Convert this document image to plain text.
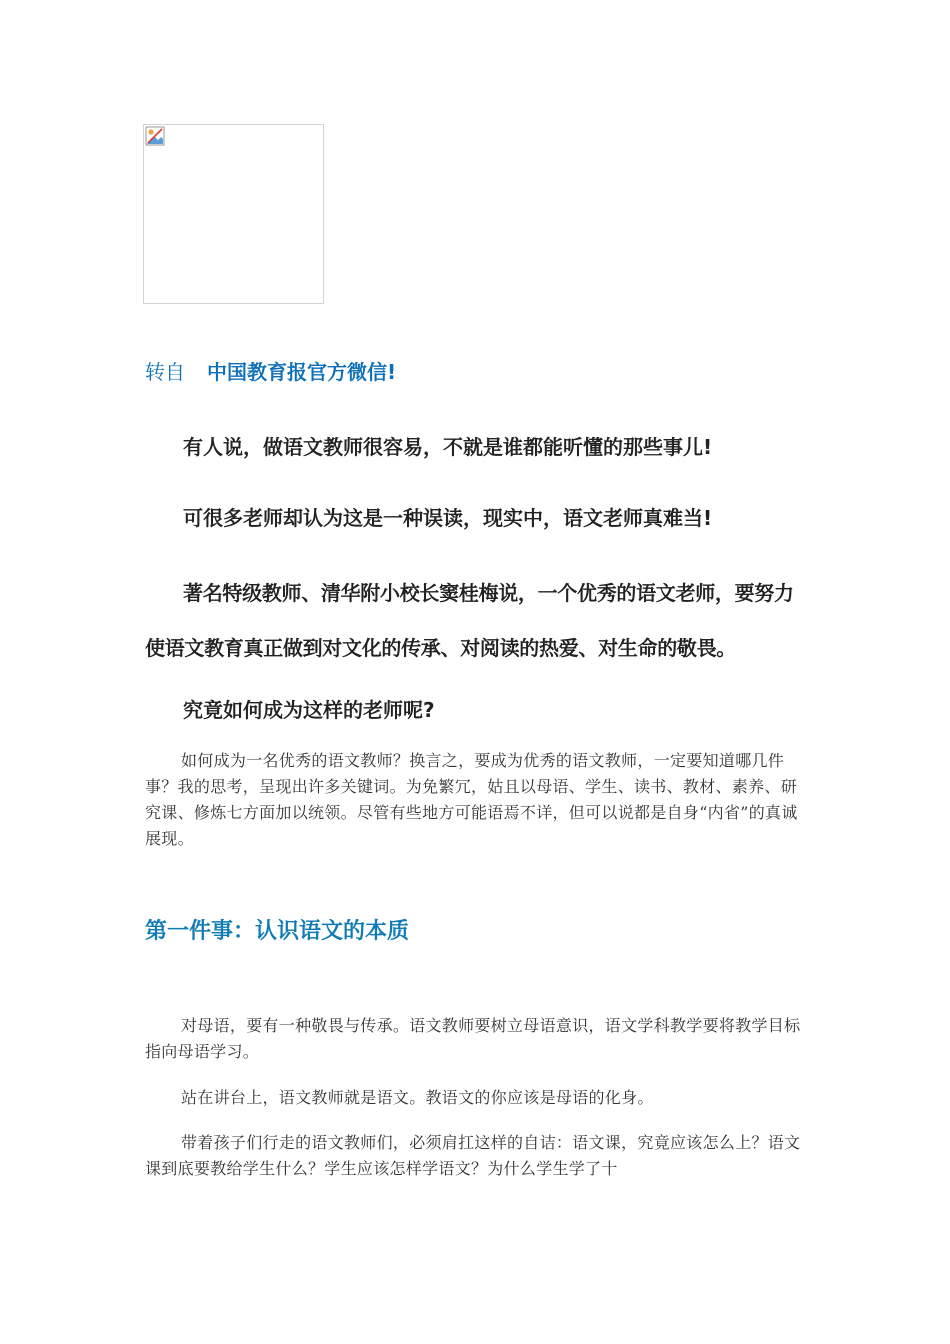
转自 中国教育报官方微信!
有人说，做语文教师很容易，不就是谁都能听懂的那些事儿!
可很多老师却认为这是一种误读，现实中，语文老师真难当!
著名特级教师、清华附小校长窦桂梅说，一个优秀的语文老师，要努力使语文教育真正做到对文化的传承、对阅读的热爱、对生命的敬畏。
究竟如何成为这样的老师呢?
如何成为一名优秀的语文教师？换言之，要成为优秀的语文教师，一定要知道哪几件事？我的思考，呈现出许多关键词。为免繁冗，姑且以母语、学生、读书、教材、素养、研究课、修炼七方面加以统领。尽管有些地方可能语焉不详，但可以说都是自身“内省”的真诚展现。
第一件事：认识语文的本质
对母语，要有一种敬畏与传承。语文教师要树立母语意识，语文学科教学要将教学目标指向母语学习。
站在讲台上，语文教师就是语文。教语文的你应该是母语的化身。
带着孩子们行走的语文教师们，必须肩扛这样的自诘：语文课，究竟应该怎么上？语文课到底要教给学生什么？学生应该怎样学语文？为什么学生学了十
